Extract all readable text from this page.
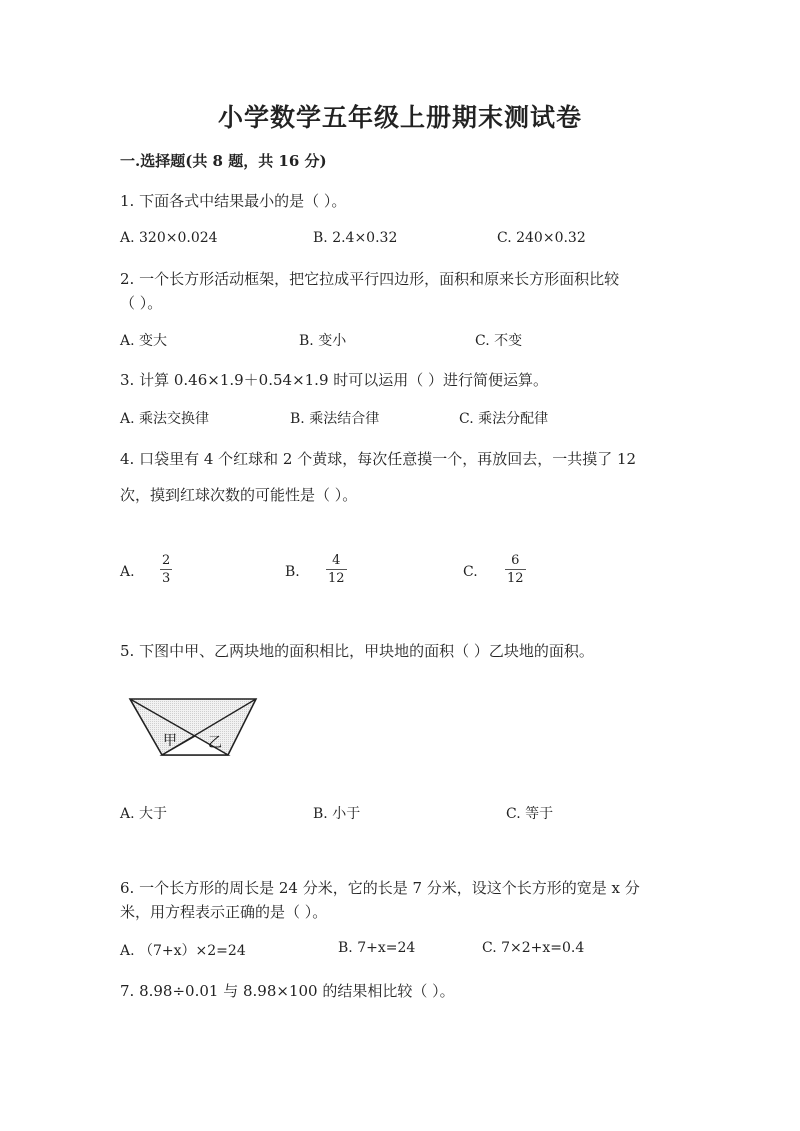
小学数学五年级上册期末测试卷
一.选择题(共 8 题，共 16 分)
1. 下面各式中结果最小的是（ ）。
A. 320×0.024	B. 2.4×0.32	C. 240×0.32
2. 一个长方形活动框架，把它拉成平行四边形，面积和原来长方形面积比较
（ ）。
A. 变大	B. 变小	C. 不变
3. 计算 0.46×1.9＋0.54×1.9 时可以运用（ ）进行简便运算。
A. 乘法交换律	B. 乘法结合律	C. 乘法分配律
4. 口袋里有 4 个红球和 2 个黄球，每次任意摸一个，再放回去，一共摸了 12
次，摸到红球次数的可能性是（ ）。
A.
2
3	B.
4
12	C.
6
12
5. 下图中甲、乙两块地的面积相比，甲块地的面积（ ）乙块地的面积。
甲 乙
A. 大于	B. 小于	C. 等于
6. 一个长方形的周长是 24 分米，它的长是 7 分米，设这个长方形的宽是 x 分
米，用方程表示正确的是（ ）。
A. （7+x）×2=24	B. 7+x=24	C. 7×2+x=0.4
7. 8.98÷0.01 与 8.98×100 的结果相比较（ ）。
